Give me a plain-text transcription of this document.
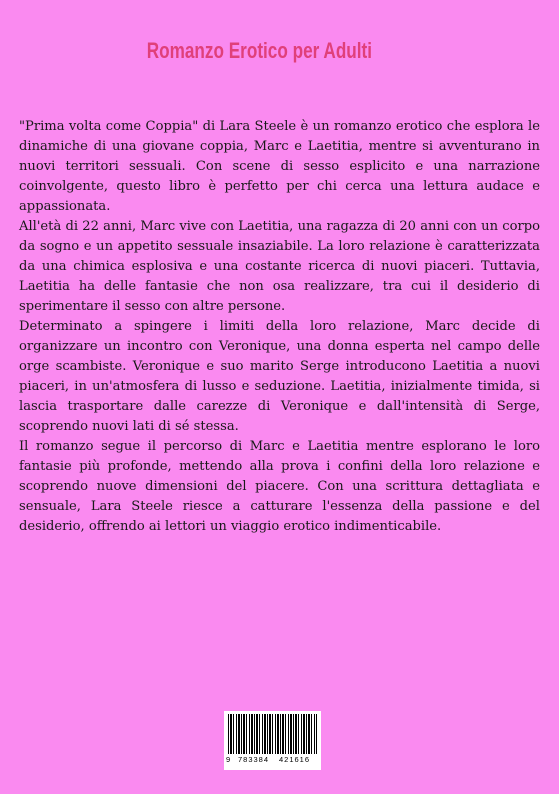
Romanzo Erotico per Adulti

"Prima volta come Coppia" di Lara Steele è un romanzo erotico che esplora le dinamiche di una giovane coppia, Marc e Laetitia, mentre si avventurano in nuovi territori sessuali. Con scene di sesso esplicito e una narrazione coinvolgente, questo libro è perfetto per chi cerca una lettura audace e appassionata.

All'età di 22 anni, Marc vive con Laetitia, una ragazza di 20 anni con un corpo da sogno e un appetito sessuale insaziabile. La loro relazione è caratterizzata da una chimica esplosiva e una costante ricerca di nuovi piaceri. Tuttavia, Laetitia ha delle fantasie che non osa realizzare, tra cui il desiderio di sperimentare il sesso con altre persone.

Determinato a spingere i limiti della loro relazione, Marc decide di organizzare un incontro con Veronique, una donna esperta nel campo delle orge scambiste. Veronique e suo marito Serge introducono Laetitia a nuovi piaceri, in un'atmosfera di lusso e seduzione. Laetitia, inizialmente timida, si lascia trasportare dalle carezze di Veronique e dall'intensità di Serge, scoprendo nuovi lati di sé stessa.

Il romanzo segue il percorso di Marc e Laetitia mentre esplorano le loro fantasie più profonde, mettendo alla prova i confini della loro relazione e scoprendo nuove dimensioni del piacere. Con una scrittura dettagliata e sensuale, Lara Steele riesce a catturare l'essenza della passione e del desiderio, offrendo ai lettori un viaggio erotico indimenticabile.

9 783384 421616
